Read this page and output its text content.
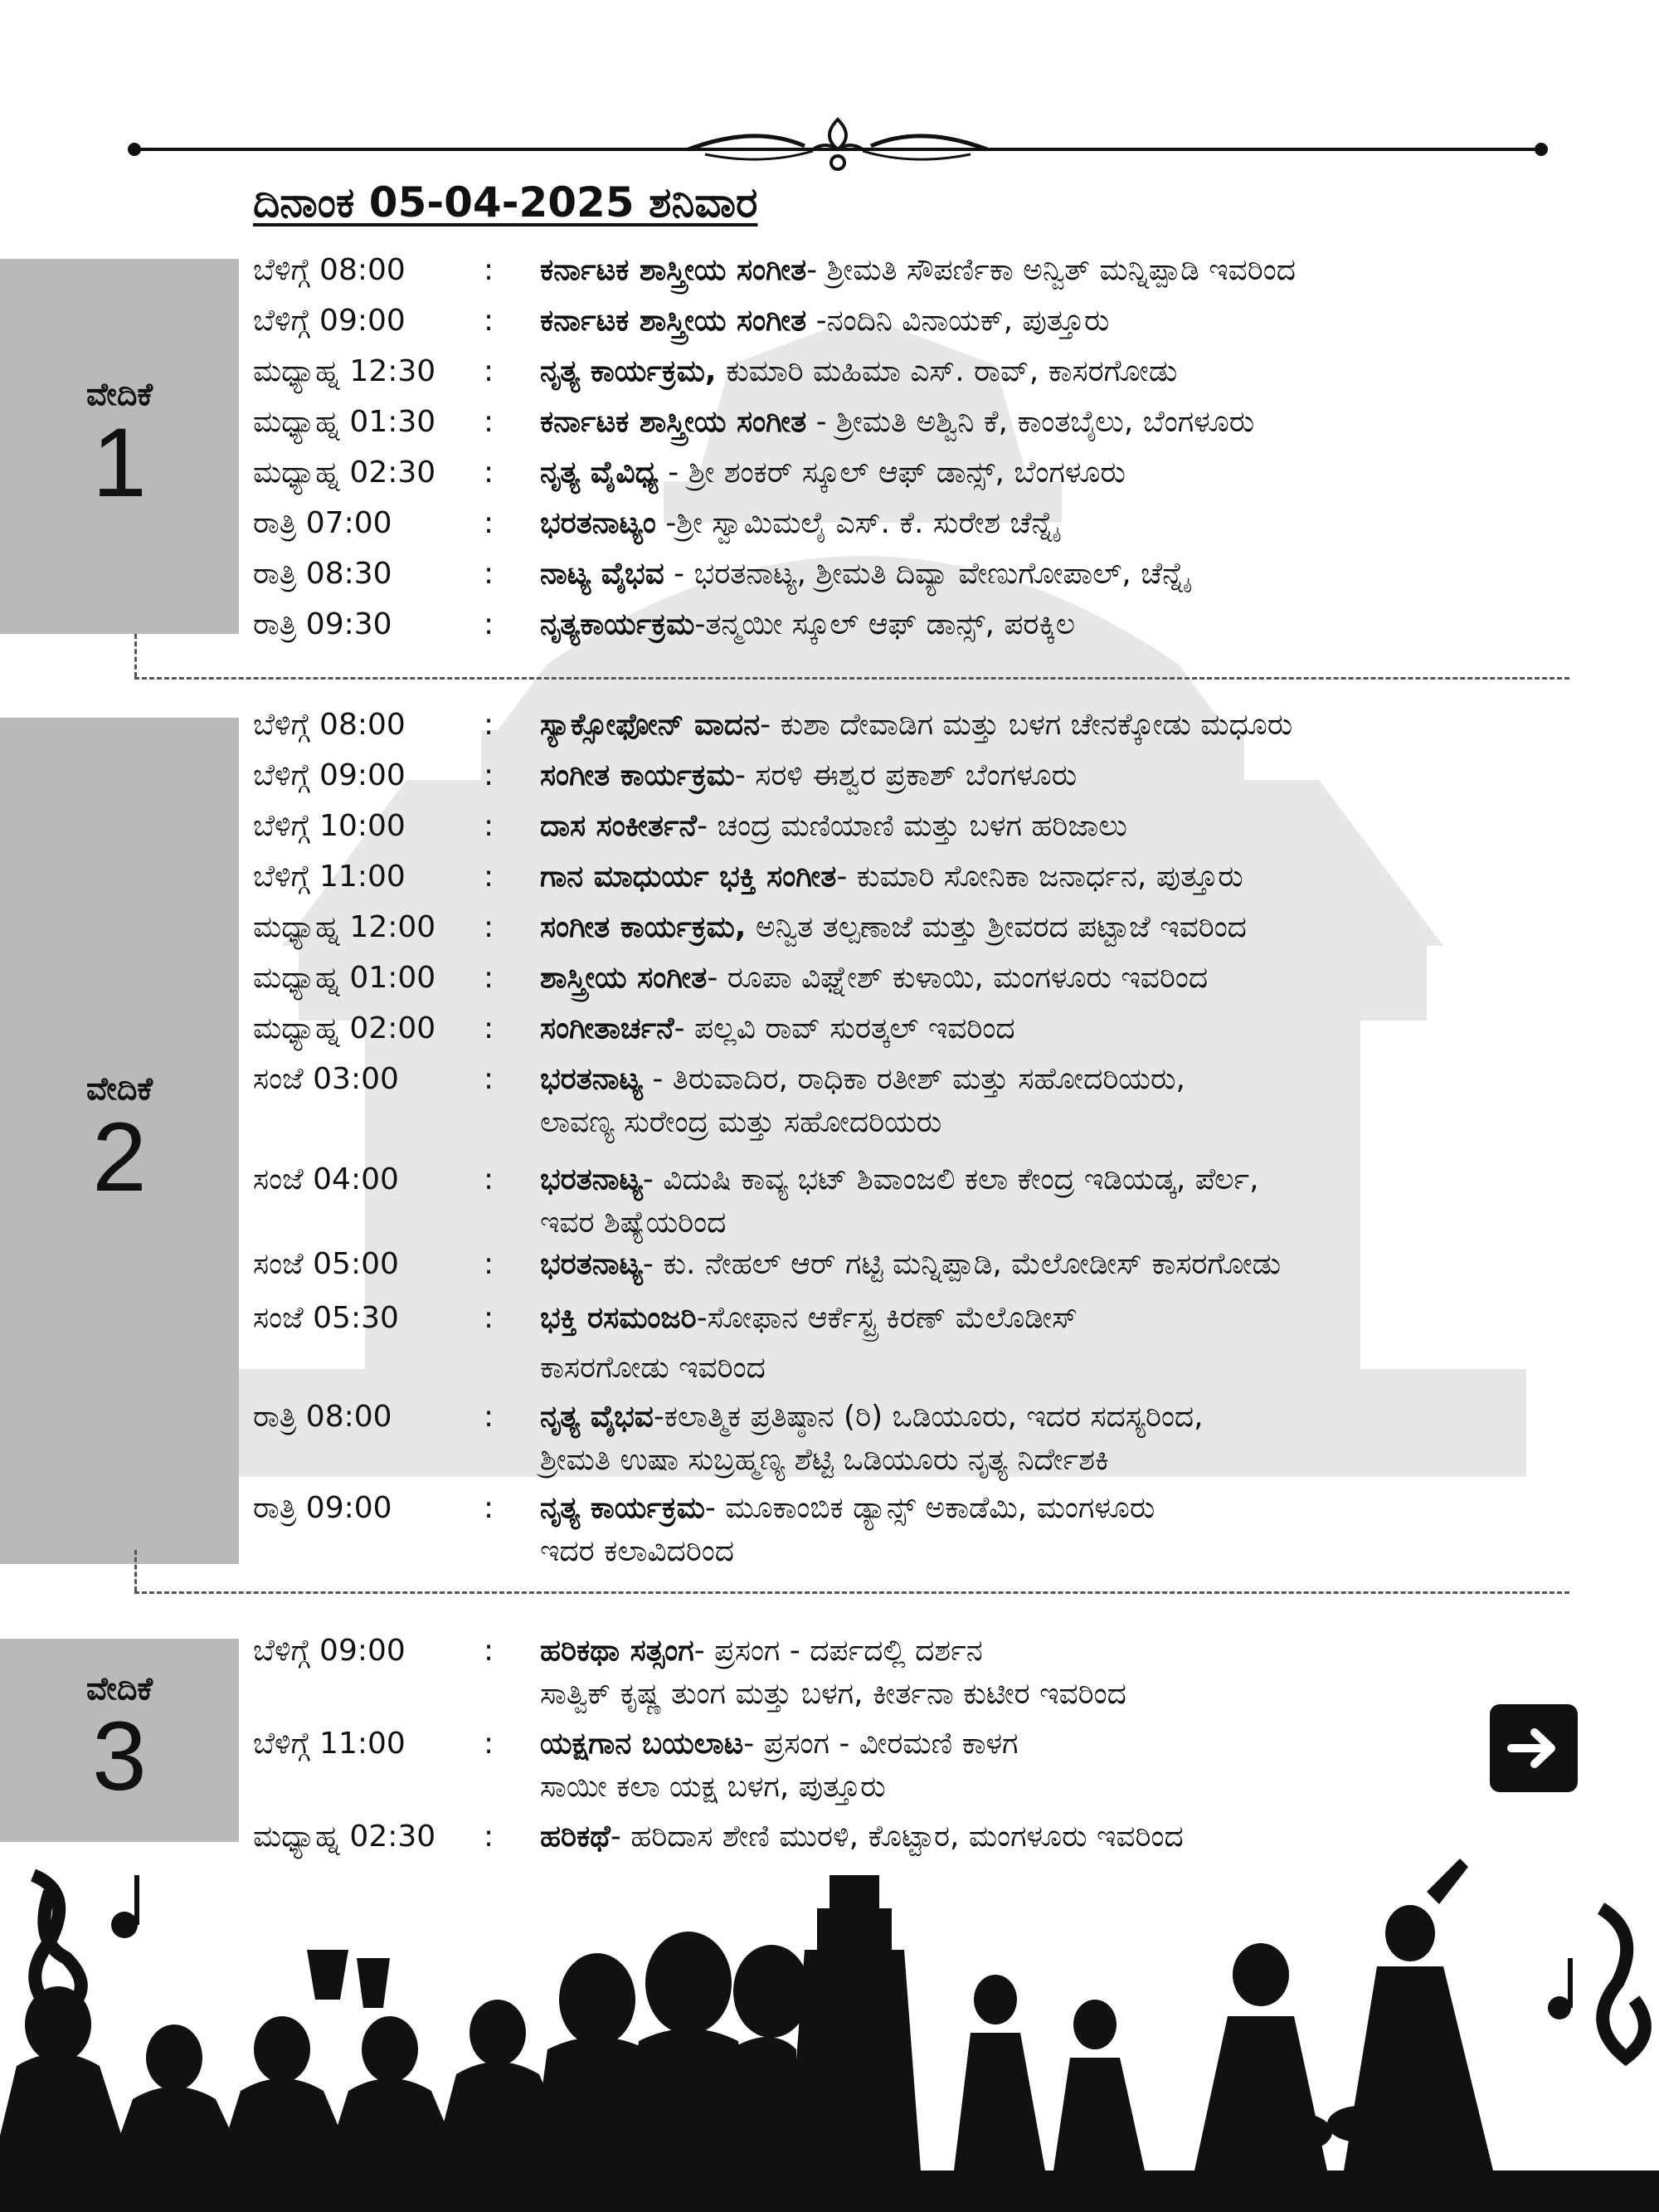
ದಿನಾಂಕ 05-04-2025 ಶನಿವಾರ
ವೇದಿಕೆ
1
ವೇದಿಕೆ
2
ವೇದಿಕೆ
3
ಬೆಳಿಗ್ಗೆ 08:00	: ಕರ್ನಾಟಕ ಶಾಸ್ತ್ರೀಯ ಸಂಗೀತ- ಶ್ರೀಮತಿ ಸೌಪರ್ಣಿಕಾ ಅನ್ವಿತ್ ಮನ್ನಿಪ್ಪಾಡಿ ಇವರಿಂದ
ಬೆಳಿಗ್ಗೆ 09:00	: ಕರ್ನಾಟಕ ಶಾಸ್ತ್ರೀಯ ಸಂಗೀತ -ನಂದಿನಿ ವಿನಾಯಕ್, ಪುತ್ತೂರು
ಮಧ್ಯಾಹ್ನ 12:30 : ನೃತ್ಯ ಕಾರ್ಯಕ್ರಮ, ಕುಮಾರಿ ಮಹಿಮಾ ಎಸ್. ರಾವ್, ಕಾಸರಗೋಡು
ಮಧ್ಯಾಹ್ನ 01:30 : ಕರ್ನಾಟಕ ಶಾಸ್ತ್ರೀಯ ಸಂಗೀತ - ಶ್ರೀಮತಿ ಅಶ್ವಿನಿ ಕೆ, ಕಾಂತಬೈಲು, ಬೆಂಗಳೂರು
ಮಧ್ಯಾಹ್ನ 02:30 : ನೃತ್ಯ ವೈವಿಧ್ಯ - ಶ್ರೀ ಶಂಕರ್ ಸ್ಕೂಲ್ ಆಫ್ ಡಾನ್ಸ್, ಬೆಂಗಳೂರು
ರಾತ್ರಿ 07:00	: ಭರತನಾಟ್ಯಂ -ಶ್ರೀ ಸ್ವಾಮಿಮಲೈ ಎಸ್. ಕೆ. ಸುರೇಶ ಚೆನ್ನೈ
ರಾತ್ರಿ 08:30	: ನಾಟ್ಯ ವೈಭವ - ಭರತನಾಟ್ಯ, ಶ್ರೀಮತಿ ದಿವ್ಯಾ ವೇಣುಗೋಪಾಲ್, ಚೆನ್ನೈ
ರಾತ್ರಿ 09:30	: ನೃತ್ಯಕಾರ್ಯಕ್ರಮ-ತನ್ಮಯೀ ಸ್ಕೂಲ್ ಆಫ್ ಡಾನ್ಸ್, ಪರಕ್ಕಿಲ
ಬೆಳಿಗ್ಗೆ 08:00	: ಸ್ಯಾಕ್ಸೋಫೋನ್ ವಾದನ- ಕುಶಾ ದೇವಾಡಿಗ ಮತ್ತು ಬಳಗ ಚೇನಕ್ಕೋಡು ಮಧೂರು
ಬೆಳಿಗ್ಗೆ 09:00	: ಸಂಗೀತ ಕಾರ್ಯಕ್ರಮ- ಸರಳಿ ಈಶ್ವರ ಪ್ರಕಾಶ್ ಬೆಂಗಳೂರು
ಬೆಳಿಗ್ಗೆ 10:00	: ದಾಸ ಸಂಕೀರ್ತನೆ- ಚಂದ್ರ ಮಣಿಯಾಣಿ ಮತ್ತು ಬಳಗ ಹರಿಜಾಲು
ಬೆಳಿಗ್ಗೆ 11:00	: ಗಾನ ಮಾಧುರ್ಯ ಭಕ್ತಿ ಸಂಗೀತ- ಕುಮಾರಿ ಸೋನಿಕಾ ಜನಾರ್ಧನ, ಪುತ್ತೂರು
ಮಧ್ಯಾಹ್ನ 12:00 : ಸಂಗೀತ ಕಾರ್ಯಕ್ರಮ, ಅನ್ವಿತ ತಲ್ಪಣಾಜೆ ಮತ್ತು ಶ್ರೀವರದ ಪಟ್ಟಾಜೆ ಇವರಿಂದ
ಮಧ್ಯಾಹ್ನ 01:00 : ಶಾಸ್ತ್ರೀಯ ಸಂಗೀತ- ರೂಪಾ ವಿಘ್ನೇಶ್ ಕುಳಾಯಿ, ಮಂಗಳೂರು ಇವರಿಂದ
ಮಧ್ಯಾಹ್ನ 02:00 : ಸಂಗೀತಾರ್ಚನೆ- ಪಲ್ಲವಿ ರಾವ್ ಸುರತ್ಕಲ್ ಇವರಿಂದ
ಸಂಜೆ 03:00	: ಭರತನಾಟ್ಯ - ತಿರುವಾದಿರ, ರಾಧಿಕಾ ರತೀಶ್ ಮತ್ತು ಸಹೋದರಿಯರು,
ಲಾವಣ್ಯ ಸುರೇಂದ್ರ ಮತ್ತು ಸಹೋದರಿಯರು
ಸಂಜೆ 04:00	: ಭರತನಾಟ್ಯ- ವಿದುಷಿ ಕಾವ್ಯ ಭಟ್ ಶಿವಾಂಜಲಿ ಕಲಾ ಕೇಂದ್ರ ಇಡಿಯಡ್ಕ, ಪೆರ್ಲ,
ಇವರ ಶಿಷ್ಯೆಯರಿಂದ
ಸಂಜೆ 05:00	: ಭರತನಾಟ್ಯ- ಕು. ನೇಹಲ್ ಆರ್ ಗಟ್ಟಿ ಮನ್ನಿಪ್ಪಾಡಿ, ಮೆಲೋಡೀಸ್ ಕಾಸರಗೋಡು
ಸಂಜೆ 05:30	: ಭಕ್ತಿ ರಸಮಂಜರಿ-ಸೋಫಾನ ಆರ್ಕೆಸ್ಟ್ರ ಕಿರಣ್ ಮೆಲೊಡೀಸ್
ಕಾಸರಗೋಡು ಇವರಿಂದ
ರಾತ್ರಿ 08:00	: ನೃತ್ಯ ವೈಭವ-ಕಲಾತ್ಮಿಕ ಪ್ರತಿಷ್ಠಾನ (ರಿ) ಒಡಿಯೂರು, ಇದರ ಸದಸ್ಯರಿಂದ,
ಶ್ರೀಮತಿ ಉಷಾ ಸುಬ್ರಹ್ಮಣ್ಯ ಶೆಟ್ಟಿ ಒಡಿಯೂರು ನೃತ್ಯ ನಿರ್ದೇಶಕಿ
ರಾತ್ರಿ 09:00	: ನೃತ್ಯ ಕಾರ್ಯಕ್ರಮ- ಮೂಕಾಂಬಿಕ ಡ್ಯಾನ್ಸ್ ಅಕಾಡೆಮಿ, ಮಂಗಳೂರು
ಇದರ ಕಲಾವಿದರಿಂದ
ಬೆಳಿಗ್ಗೆ 09:00	: ಹರಿಕಥಾ ಸತ್ಸಂಗ- ಪ್ರಸಂಗ - ದರ್ಪದಲ್ಲಿ ದರ್ಶನ
ಸಾತ್ವಿಕ್ ಕೃಷ್ಣ ತುಂಗ ಮತ್ತು ಬಳಗ, ಕೀರ್ತನಾ ಕುಟೀರ ಇವರಿಂದ
ಬೆಳಿಗ್ಗೆ 11:00	: ಯಕ್ಷಗಾನ ಬಯಲಾಟ- ಪ್ರಸಂಗ - ವೀರಮಣಿ ಕಾಳಗ
ಸಾಯೀ ಕಲಾ ಯಕ್ಷ ಬಳಗ, ಪುತ್ತೂರು
ಮಧ್ಯಾಹ್ನ 02:30 : ಹರಿಕಥೆ- ಹರಿದಾಸ ಶೇಣಿ ಮುರಳಿ, ಕೊಟ್ಟಾರ, ಮಂಗಳೂರು ಇವರಿಂದ
